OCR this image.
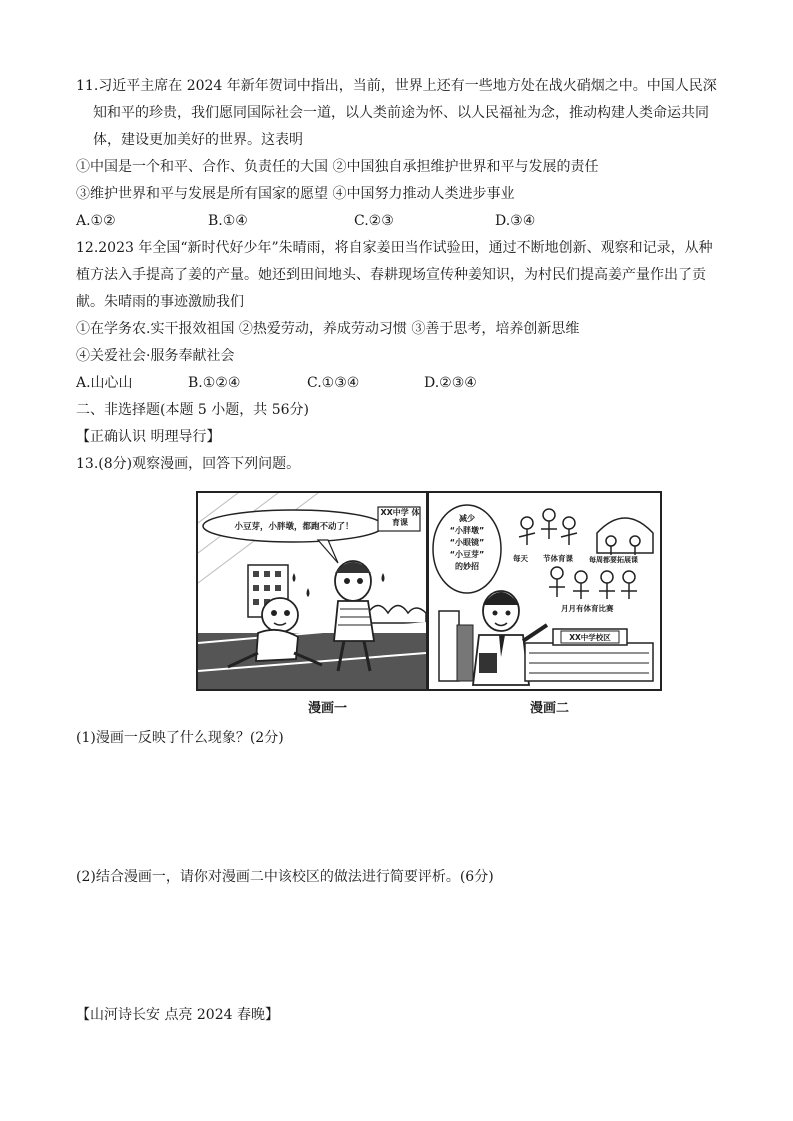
11.习近平主席在 2024 年新年贺词中指出，当前，世界上还有一些地方处在战火硝烟之中。中国人民深
知和平的珍贵，我们愿同国际社会一道，以人类前途为怀、以人民福祉为念，推动构建人类命运共同
体，建设更加美好的世界。这表明
①中国是一个和平、合作、负责任的大国 ②中国独自承担维护世界和平与发展的责任
③维护世界和平与发展是所有国家的愿望 ④中国努力推动人类进步事业
A.①②	B.①④	C.②③	D.③④
12.2023 年全国“新时代好少年”朱晴雨，将自家姜田当作试验田，通过不断地创新、观察和记录，从种
植方法入手提高了姜的产量。她还到田间地头、春耕现场宣传种姜知识，为村民们提高姜产量作出了贡
献。朱晴雨的事迹激励我们
①在学务农.实干报效祖国 ②热爱劳动，养成劳动习惯 ③善于思考，培养创新思维
④关爱社会·服务奉献社会
A.山心山	B.①②④	C.①③④	D.②③④
二、非选择题(本题 5 小题，共 56分)
【正确认识 明理导行】
13.(8分)观察漫画，回答下列问题。
小豆芽，小胖墩，都跑不动了！
XX中学 体育课	减少
“小胖墩”
“小眼镜”
“小豆芽”
的妙招
每天 节体育课 每周都要拓展课
月月有体育比赛
XX中学校区
漫画一	漫画二
(1)漫画一反映了什么现象？(2分)
(2)结合漫画一，请你对漫画二中该校区的做法进行简要评析。(6分)
【山河诗长安 点亮 2024 春晚】
